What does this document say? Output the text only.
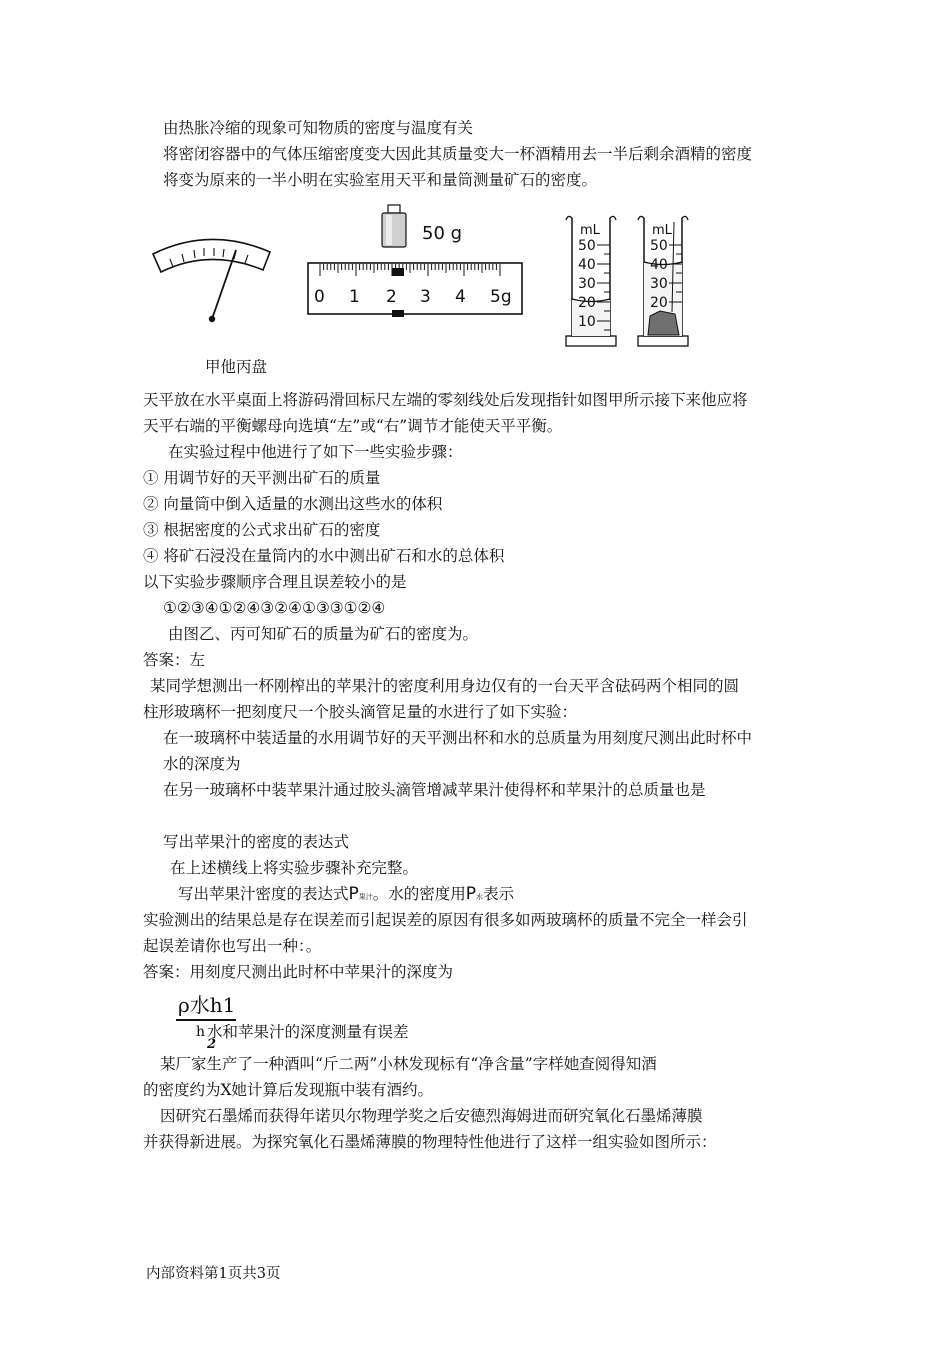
由热胀冷缩的现象可知物质的密度与温度有关
将密闭容器中的气体压缩密度变大因此其质量变大一杯酒精用去一半后剩余酒精的密度
将变为原来的一半小明在实验室用天平和量筒测量矿石的密度。
50 g
0 1 2 3 4 5g
mL
50
40
30
20
10
mL
50
40
30
20
甲他丙盘
天平放在水平桌面上将游码滑回标尺左端的零刻线处后发现指针如图甲所示接下来他应将
天平右端的平衡螺母向选填“左”或“右”调节才能使天平平衡。
在实验过程中他进行了如下一些实验步骤：
① 用调节好的天平测出矿石的质量
② 向量筒中倒入适量的水测出这些水的体积
③ 根据密度的公式求出矿石的密度
④ 将矿石浸没在量筒内的水中测出矿石和水的总体积
以下实验步骤顺序合理且误差较小的是
①②③④①②④③②④①③③①②④
由图乙、丙可知矿石的质量为矿石的密度为。
答案：左
某同学想测出一杯刚榨出的苹果汁的密度利用身边仅有的一台天平含砝码两个相同的圆
柱形玻璃杯一把刻度尺一个胶头滴管足量的水进行了如下实验：
在一玻璃杯中装适量的水用调节好的天平测出杯和水的总质量为用刻度尺测出此时杯中
水的深度为
在另一玻璃杯中装苹果汁通过胶头滴管增减苹果汁使得杯和苹果汁的总质量也是
写出苹果汁的密度的表达式
在上述横线上将实验步骤补充完整。
写出苹果汁密度的表达式P果汁。水的密度用P水表示
实验测出的结果总是存在误差而引起误差的原因有很多如两玻璃杯的质量不完全一样会引
起误差请你也写出一种：。
答案：用刻度尺测出此时杯中苹果汁的深度为
ρ水h1
h
2
水和苹果汁的深度测量有误差
某厂家生产了一种酒叫“斤二两”小林发现标有“净含量”字样她查阅得知酒
的密度约为X她计算后发现瓶中装有酒约。
因研究石墨烯而获得年诺贝尔物理学奖之后安德烈海姆进而研究氧化石墨烯薄膜
并获得新进展。为探究氧化石墨烯薄膜的物理特性他进行了这样一组实验如图所示：
内部资料第1页共3页
